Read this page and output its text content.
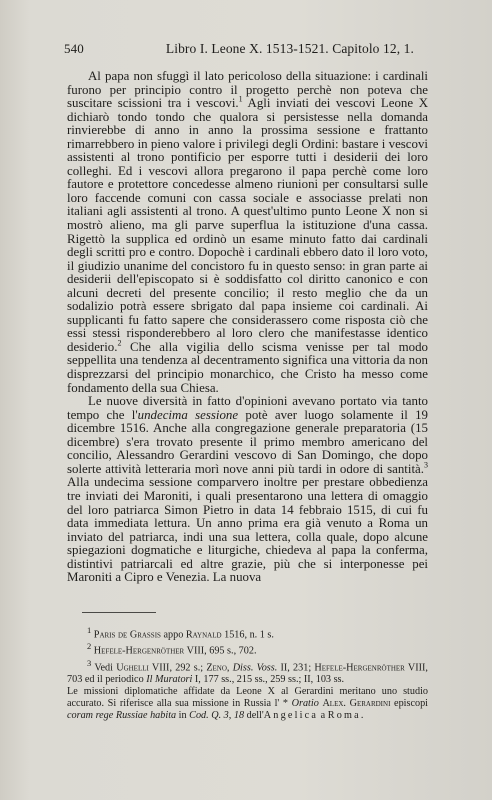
540	Libro I. Leone X. 1513-1521. Capitolo 12, 1.

Al papa non sfuggì il lato pericoloso della situazione: i cardinali furono per principio contro il progetto perchè non poteva che suscitare scissioni tra i vescovi.$^1$ Agli inviati dei vescovi Leone X dichiarò tondo tondo che qualora si persistesse nella domanda rinvierebbe di anno in anno la prossima sessione e frattanto rimarrebbero in pieno valore i privilegi degli Ordini: bastare i vescovi assistenti al trono pontificio per esporre tutti i desiderii dei loro colleghi. Ed i vescovi allora pregarono il papa perchè come loro fautore e protettore concedesse almeno riunioni per consultarsi sulle loro faccende comuni con cassa sociale e associasse prelati non italiani agli assistenti al trono. A quest'ultimo punto Leone X non si mostrò alieno, ma gli parve superflua la istituzione d'una cassa. Rigettò la supplica ed ordinò un esame minuto fatto dai cardinali degli scritti pro e contro. Dopochè i cardinali ebbero dato il loro voto, il giudizio unanime del concistoro fu in questo senso: in gran parte ai desiderii dell'episcopato si è soddisfatto col diritto canonico e con alcuni decreti del presente concilio; il resto meglio che da un sodalizio potrà essere sbrigato dal papa insieme coi cardinali. Ai supplicanti fu fatto sapere che considerassero come risposta ciò che essi stessi risponderebbero al loro clero che manifestasse identico desiderio.$^2$ Che alla vigilia dello scisma venisse per tal modo seppellita una tendenza al decentramento significa una vittoria da non disprezzarsi del principio monarchico, che Cristo ha messo come fondamento della sua Chiesa.

Le nuove diversità in fatto d'opinioni avevano portato via tanto tempo che l'undecima sessione potè aver luogo solamente il 19 dicembre 1516. Anche alla congregazione generale preparatoria (15 dicembre) s'era trovato presente il primo membro americano del concilio, Alessandro Gerardini vescovo di San Domingo, che dopo solerte attività letteraria morì nove anni più tardi in odore di santità.$^3$ Alla undecima sessione comparvero inoltre per prestare obbedienza tre inviati dei Maroniti, i quali presentarono una lettera di omaggio del loro patriarca Simon Pietro in data 14 febbraio 1515, di cui fu data immediata lettura. Un anno prima era già venuto a Roma un inviato del patriarca, indi una sua lettera, colla quale, dopo alcune spiegazioni dogmatiche e liturgiche, chiedeva al papa la conferma, distintivi patriarcali ed altre grazie, più che si interponesse pei Maroniti a Cipro e Venezia. La nuova

$^1$ Paris de Grassis appo Raynald 1516, n. 1 s.

$^2$ Hefele-Hergenröther VIII, 695 s., 702.

$^3$ Vedi Ughelli VIII, 292 s.; Zeno, Diss. Voss. II, 231; Hefele-Hergenröther VIII, 703 ed il periodico Il Muratori I, 177 ss., 215 ss., 259 ss.; II, 103 ss.

Le missioni diplomatiche affidate da Leone X al Gerardini meritano uno studio accurato. Si riferisce alla sua missione in Russia l' * Oratio Alex. Gerardini episcopi coram rege Russiae habita in Cod. Q. 3, 18 dell'Angelica a Roma.
